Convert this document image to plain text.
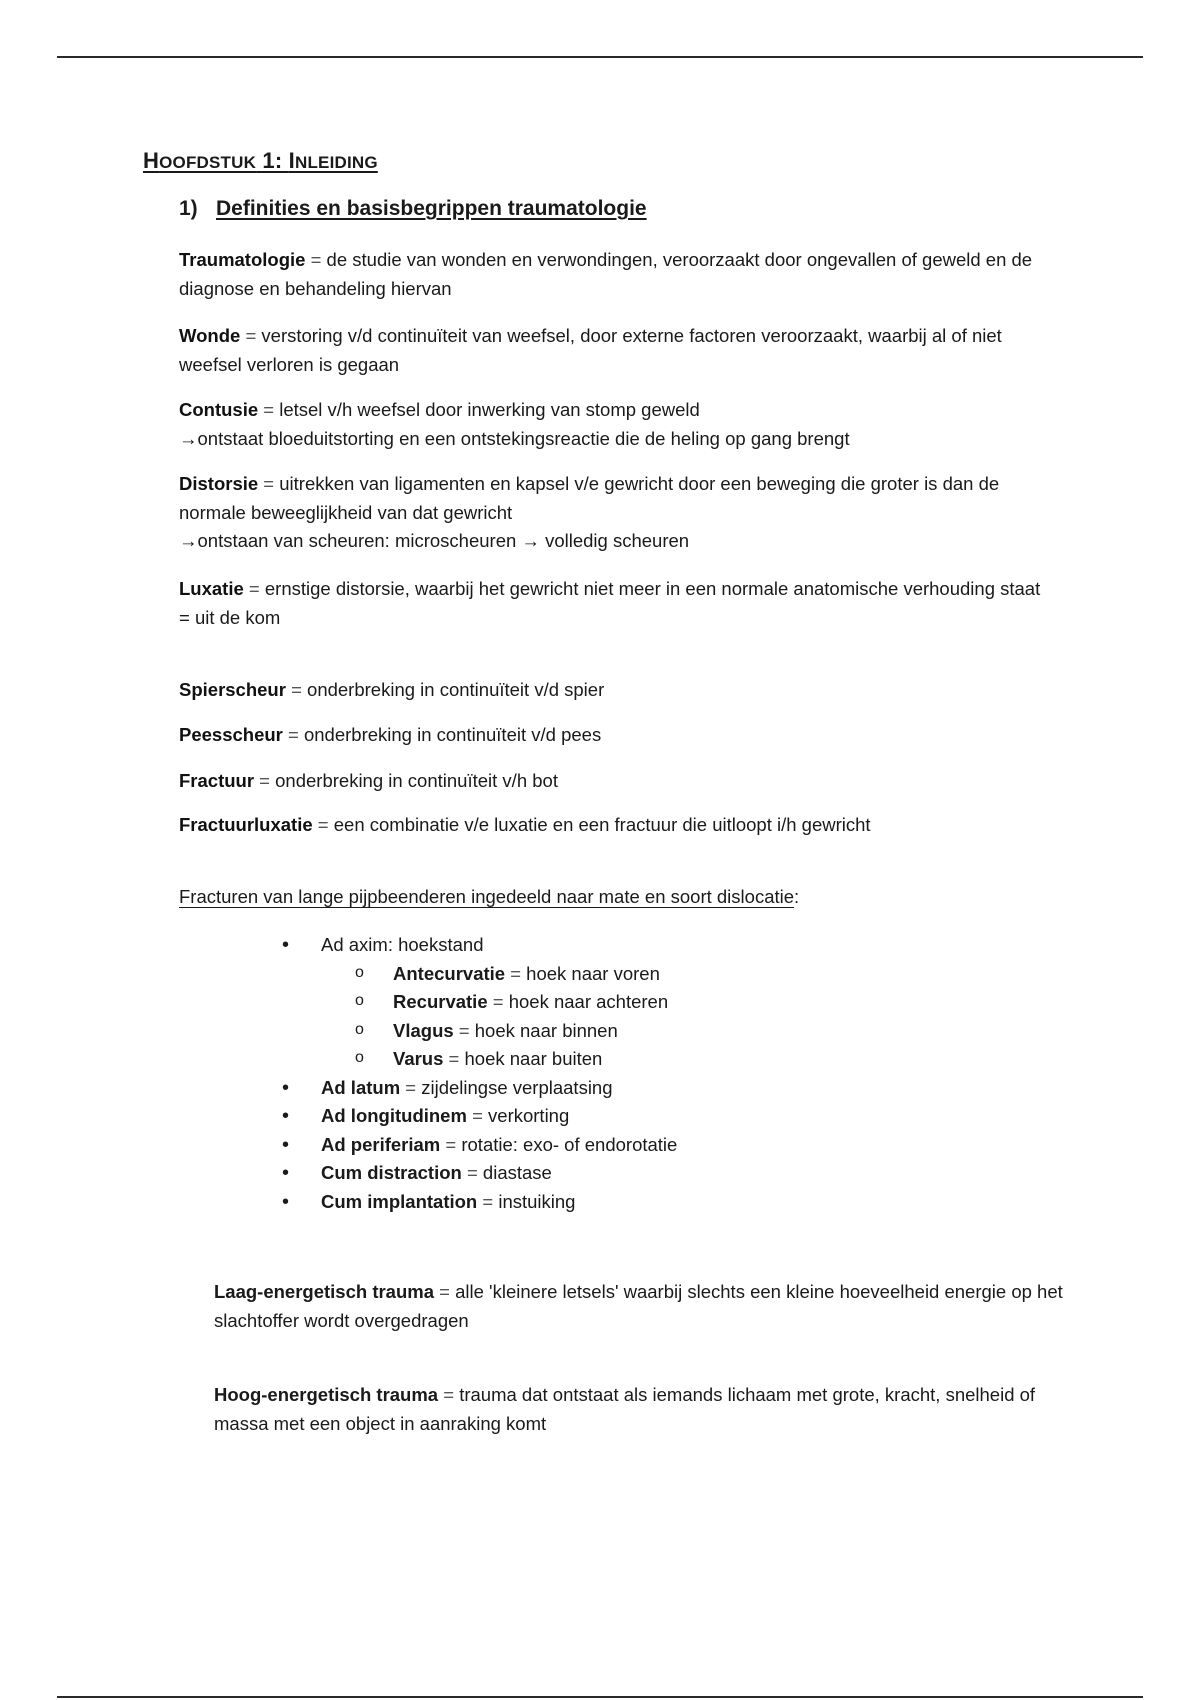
HOOFDSTUK 1: INLEIDING
1) Definities en basisbegrippen traumatologie
Traumatologie = de studie van wonden en verwondingen, veroorzaakt door ongevallen of geweld en de diagnose en behandeling hiervan
Wonde = verstoring v/d continuïteit van weefsel, door externe factoren veroorzaakt, waarbij al of niet weefsel verloren is gegaan
Contusie = letsel v/h weefsel door inwerking van stomp geweld
→ontstaat bloeduitstorting en een ontstekingsreactie die de heling op gang brengt
Distorsie = uitrekken van ligamenten en kapsel v/e gewricht door een beweging die groter is dan de normale beweeglijkheid van dat gewricht
→ontstaan van scheuren: microscheuren → volledig scheuren
Luxatie = ernstige distorsie, waarbij het gewricht niet meer in een normale anatomische verhouding staat
= uit de kom
Spierscheur = onderbreking in continuïteit v/d spier
Peesscheur = onderbreking in continuïteit v/d pees
Fractuur = onderbreking in continuïteit v/h bot
Fractuurluxatie = een combinatie v/e luxatie en een fractuur die uitloopt i/h gewricht
Fracturen van lange pijpbeenderen ingedeeld naar mate en soort dislocatie:
• Ad axim: hoekstand
o Antecurvatie = hoek naar voren
o Recurvatie = hoek naar achteren
o Vlagus = hoek naar binnen
o Varus = hoek naar buiten
• Ad latum = zijdelingse verplaatsing
• Ad longitudinem = verkorting
• Ad periferiam = rotatie: exo- of endorotatie
• Cum distraction = diastase
• Cum implantation = instuiking
Laag-energetisch trauma = alle 'kleinere letsels' waarbij slechts een kleine hoeveelheid energie op het slachtoffer wordt overgedragen
Hoog-energetisch trauma = trauma dat ontstaat als iemands lichaam met grote, kracht, snelheid of massa met een object in aanraking komt
